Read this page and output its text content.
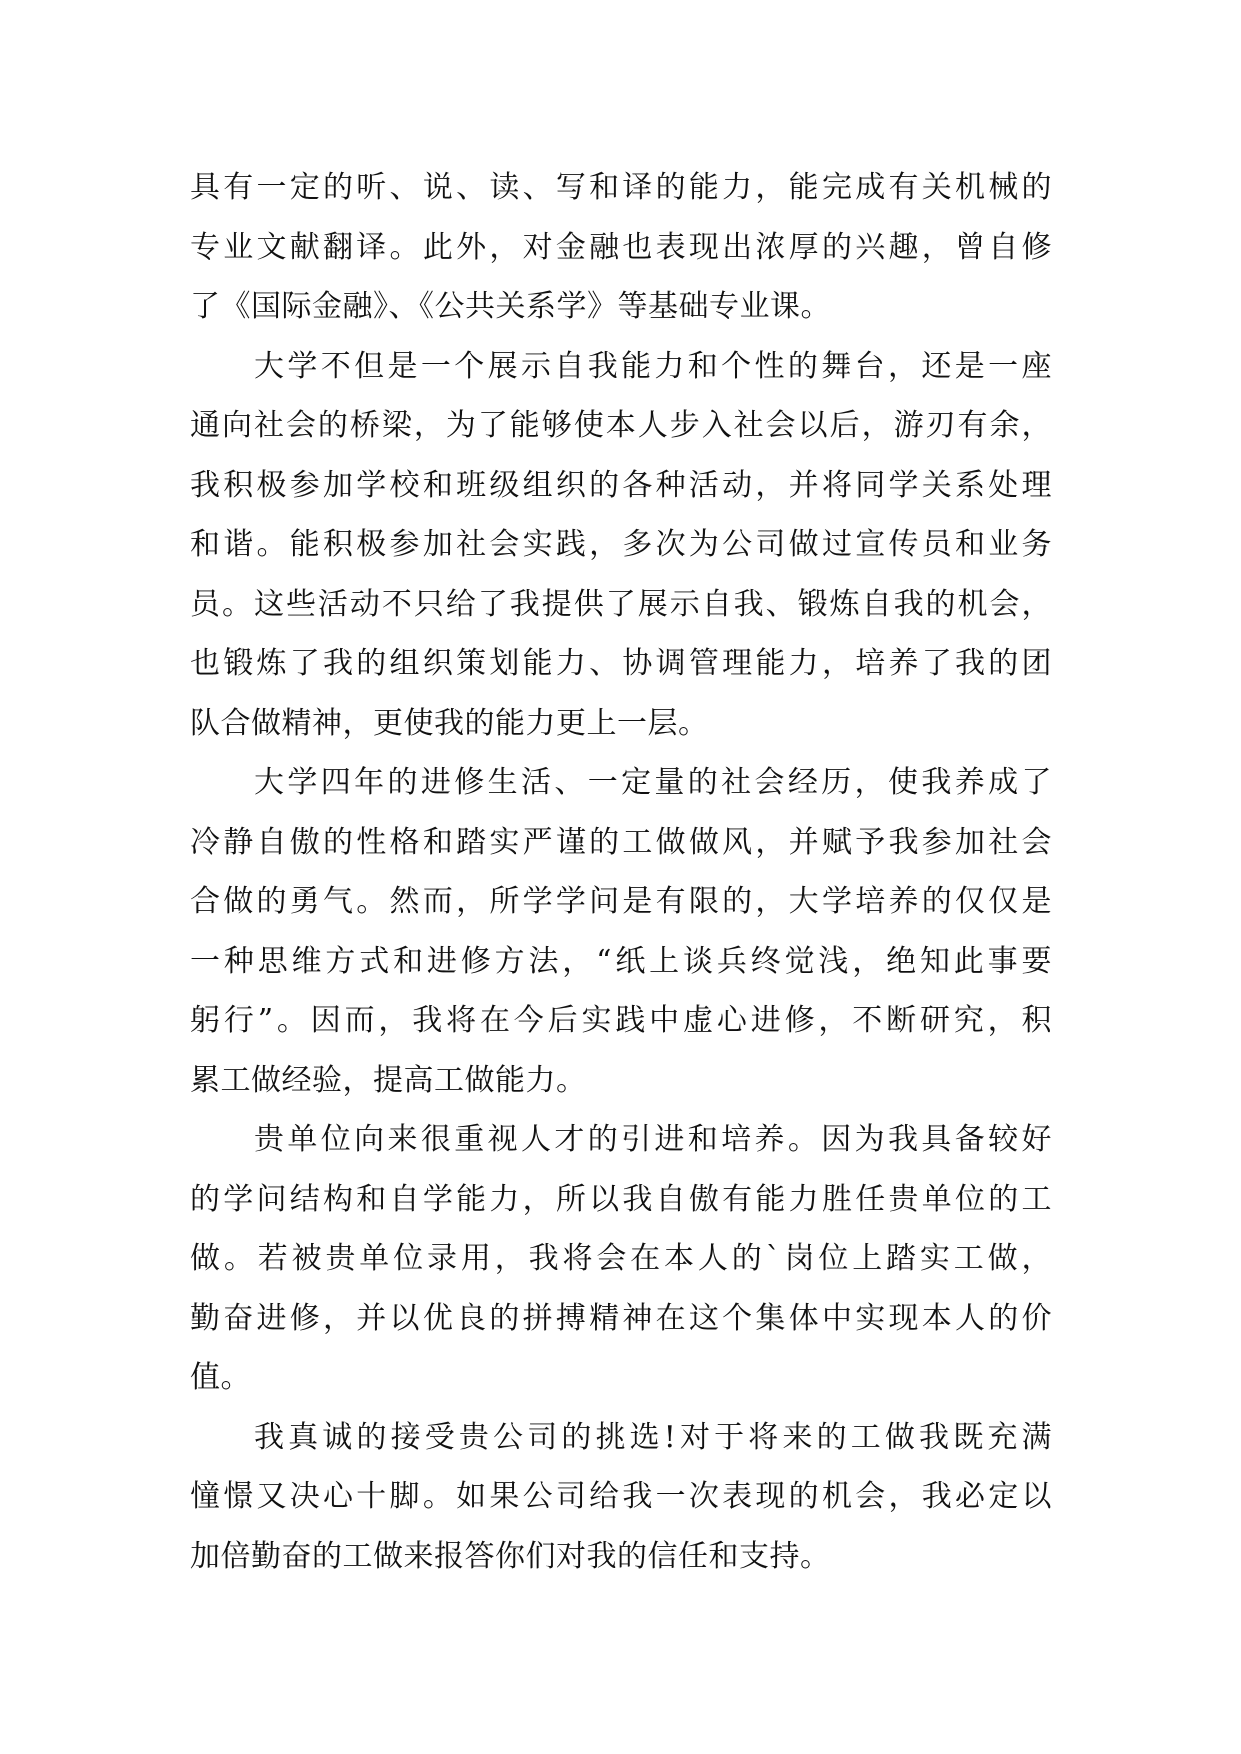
具有一定的听、说、读、写和译的能力，能完成有关机械的
专业文献翻译。此外，对金融也表现出浓厚的兴趣，曾自修
了《国际金融》、《公共关系学》等基础专业课。
大学不但是一个展示自我能力和个性的舞台，还是一座
通向社会的桥梁，为了能够使本人步入社会以后，游刃有余，
我积极参加学校和班级组织的各种活动，并将同学关系处理
和谐。能积极参加社会实践，多次为公司做过宣传员和业务
员。这些活动不只给了我提供了展示自我、锻炼自我的机会，
也锻炼了我的组织策划能力、协调管理能力，培养了我的团
队合做精神，更使我的能力更上一层。
大学四年的进修生活、一定量的社会经历，使我养成了
冷静自傲的性格和踏实严谨的工做做风，并赋予我参加社会
合做的勇气。然而，所学学问是有限的，大学培养的仅仅是
一种思维方式和进修方法，“纸上谈兵终觉浅，绝知此事要
躬行”。因而，我将在今后实践中虚心进修，不断研究，积
累工做经验，提高工做能力。
贵单位向来很重视人才的引进和培养。因为我具备较好
的学问结构和自学能力，所以我自傲有能力胜任贵单位的工
做。若被贵单位录用，我将会在本人的`岗位上踏实工做，
勤奋进修，并以优良的拼搏精神在这个集体中实现本人的价
值。
我真诚的接受贵公司的挑选!对于将来的工做我既充满
憧憬又决心十脚。如果公司给我一次表现的机会，我必定以
加倍勤奋的工做来报答你们对我的信任和支持。
